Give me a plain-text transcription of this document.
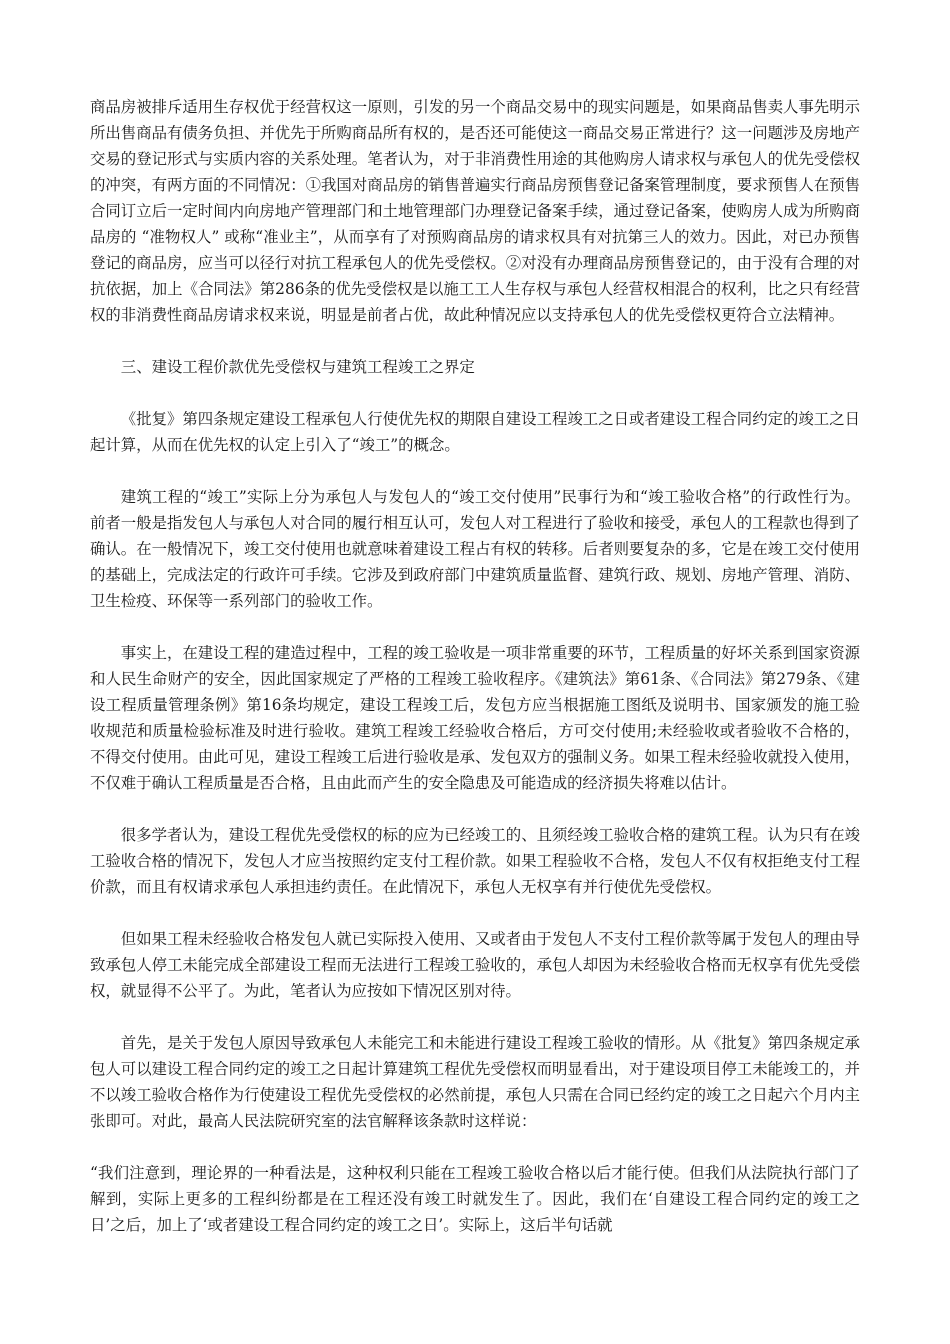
商品房被排斥适用生存权优于经营权这一原则，引发的另一个商品交易中的现实问题是，如果商品售卖人事先明示所出售商品有债务负担、并优先于所购商品所有权的，是否还可能使这一商品交易正常进行？这一问题涉及房地产交易的登记形式与实质内容的关系处理。笔者认为，对于非消费性用途的其他购房人请求权与承包人的优先受偿权的冲突，有两方面的不同情况：①我国对商品房的销售普遍实行商品房预售登记备案管理制度，要求预售人在预售合同订立后一定时间内向房地产管理部门和土地管理部门办理登记备案手续，通过登记备案，使购房人成为所购商品房的 “准物权人” 或称“准业主”，从而享有了对预购商品房的请求权具有对抗第三人的效力。因此，对已办预售登记的商品房，应当可以径行对抗工程承包人的优先受偿权。②对没有办理商品房预售登记的，由于没有合理的对抗依据，加上《合同法》第286条的优先受偿权是以施工工人生存权与承包人经营权相混合的权利，比之只有经营权的非消费性商品房请求权来说，明显是前者占优，故此种情况应以支持承包人的优先受偿权更符合立法精神。

三、建设工程价款优先受偿权与建筑工程竣工之界定

《批复》第四条规定建设工程承包人行使优先权的期限自建设工程竣工之日或者建设工程合同约定的竣工之日起计算，从而在优先权的认定上引入了“竣工”的概念。

建筑工程的“竣工”实际上分为承包人与发包人的“竣工交付使用”民事行为和“竣工验收合格”的行政性行为。前者一般是指发包人与承包人对合同的履行相互认可，发包人对工程进行了验收和接受，承包人的工程款也得到了确认。在一般情况下，竣工交付使用也就意味着建设工程占有权的转移。后者则要复杂的多，它是在竣工交付使用的基础上，完成法定的行政许可手续。它涉及到政府部门中建筑质量监督、建筑行政、规划、房地产管理、消防、卫生检疫、环保等一系列部门的验收工作。

事实上，在建设工程的建造过程中，工程的竣工验收是一项非常重要的环节，工程质量的好坏关系到国家资源和人民生命财产的安全，因此国家规定了严格的工程竣工验收程序。《建筑法》第61条、《合同法》第279条、《建设工程质量管理条例》第16条均规定，建设工程竣工后，发包方应当根据施工图纸及说明书、国家颁发的施工验收规范和质量检验标准及时进行验收。建筑工程竣工经验收合格后，方可交付使用;未经验收或者验收不合格的，不得交付使用。由此可见，建设工程竣工后进行验收是承、发包双方的强制义务。如果工程未经验收就投入使用，不仅难于确认工程质量是否合格，且由此而产生的安全隐患及可能造成的经济损失将难以估计。

很多学者认为，建设工程优先受偿权的标的应为已经竣工的、且须经竣工验收合格的建筑工程。认为只有在竣工验收合格的情况下，发包人才应当按照约定支付工程价款。如果工程验收不合格，发包人不仅有权拒绝支付工程价款，而且有权请求承包人承担违约责任。在此情况下，承包人无权享有并行使优先受偿权。

但如果工程未经验收合格发包人就已实际投入使用、又或者由于发包人不支付工程价款等属于发包人的理由导致承包人停工未能完成全部建设工程而无法进行工程竣工验收的，承包人却因为未经验收合格而无权享有优先受偿权，就显得不公平了。为此，笔者认为应按如下情况区别对待。

首先，是关于发包人原因导致承包人未能完工和未能进行建设工程竣工验收的情形。从《批复》第四条规定承包人可以建设工程合同约定的竣工之日起计算建筑工程优先受偿权而明显看出，对于建设项目停工未能竣工的，并不以竣工验收合格作为行使建设工程优先受偿权的必然前提，承包人只需在合同已经约定的竣工之日起六个月内主张即可。对此，最高人民法院研究室的法官解释该条款时这样说：

“我们注意到，理论界的一种看法是，这种权利只能在工程竣工验收合格以后才能行使。但我们从法院执行部门了解到，实际上更多的工程纠纷都是在工程还没有竣工时就发生了。因此，我们在‘自建设工程合同约定的竣工之日’之后，加上了‘或者建设工程合同约定的竣工之日’。实际上，这后半句话就
